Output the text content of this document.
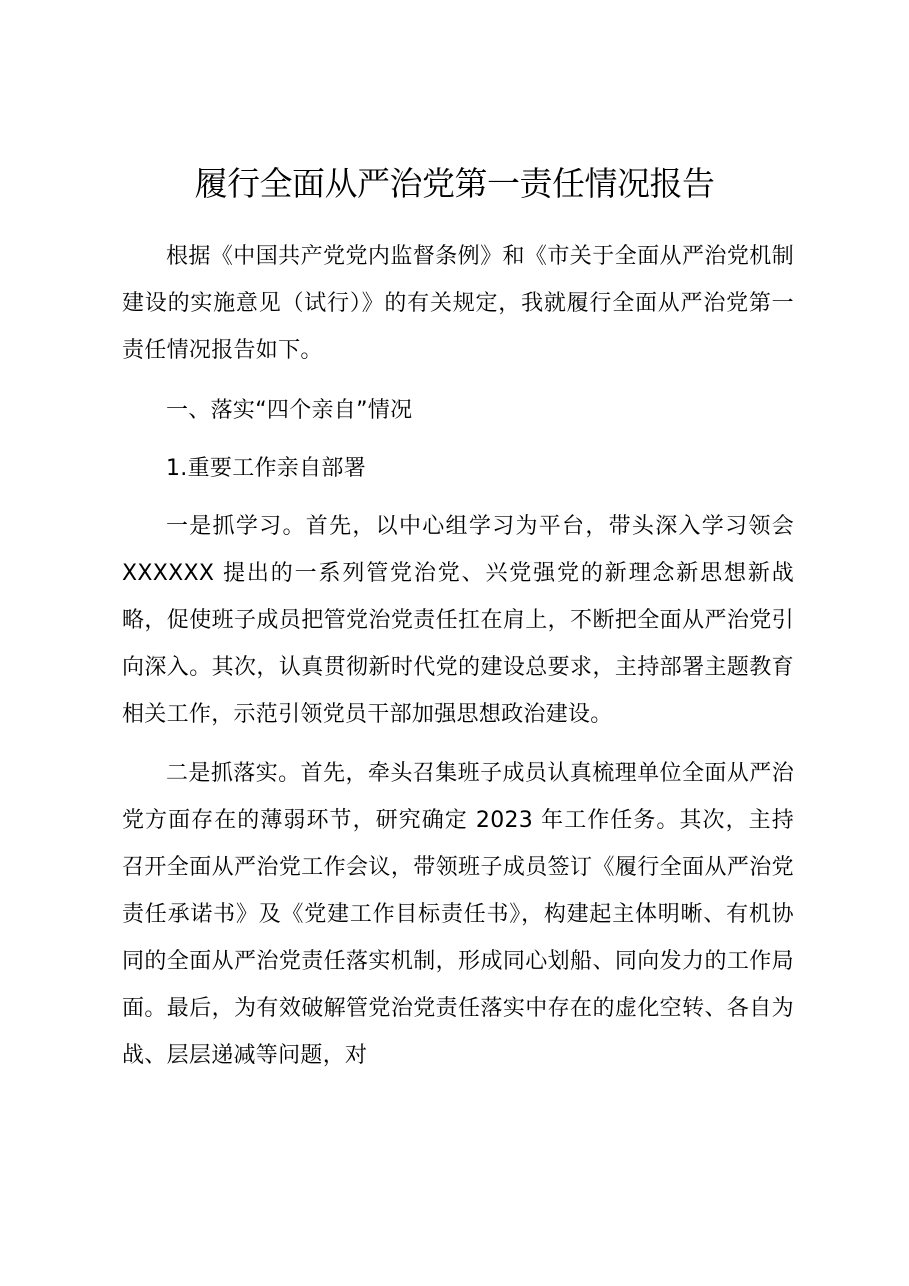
履行全面从严治党第一责任情况报告

根据《中国共产党党内监督条例》和《市关于全面从严治党机制建设的实施意见（试行）》的有关规定，我就履行全面从严治党第一责任情况报告如下。

一、落实“四个亲自”情况

1.重要工作亲自部署

一是抓学习。首先，以中心组学习为平台，带头深入学习领会 XXXXXX 提出的一系列管党治党、兴党强党的新理念新思想新战略，促使班子成员把管党治党责任扛在肩上，不断把全面从严治党引向深入。其次，认真贯彻新时代党的建设总要求，主持部署主题教育相关工作，示范引领党员干部加强思想政治建设。

二是抓落实。首先，牵头召集班子成员认真梳理单位全面从严治党方面存在的薄弱环节，研究确定 2023 年工作任务。其次，主持召开全面从严治党工作会议，带领班子成员签订《履行全面从严治党责任承诺书》及《党建工作目标责任书》，构建起主体明晰、有机协同的全面从严治党责任落实机制，形成同心划船、同向发力的工作局面。最后，为有效破解管党治党责任落实中存在的虚化空转、各自为战、层层递减等问题，对
